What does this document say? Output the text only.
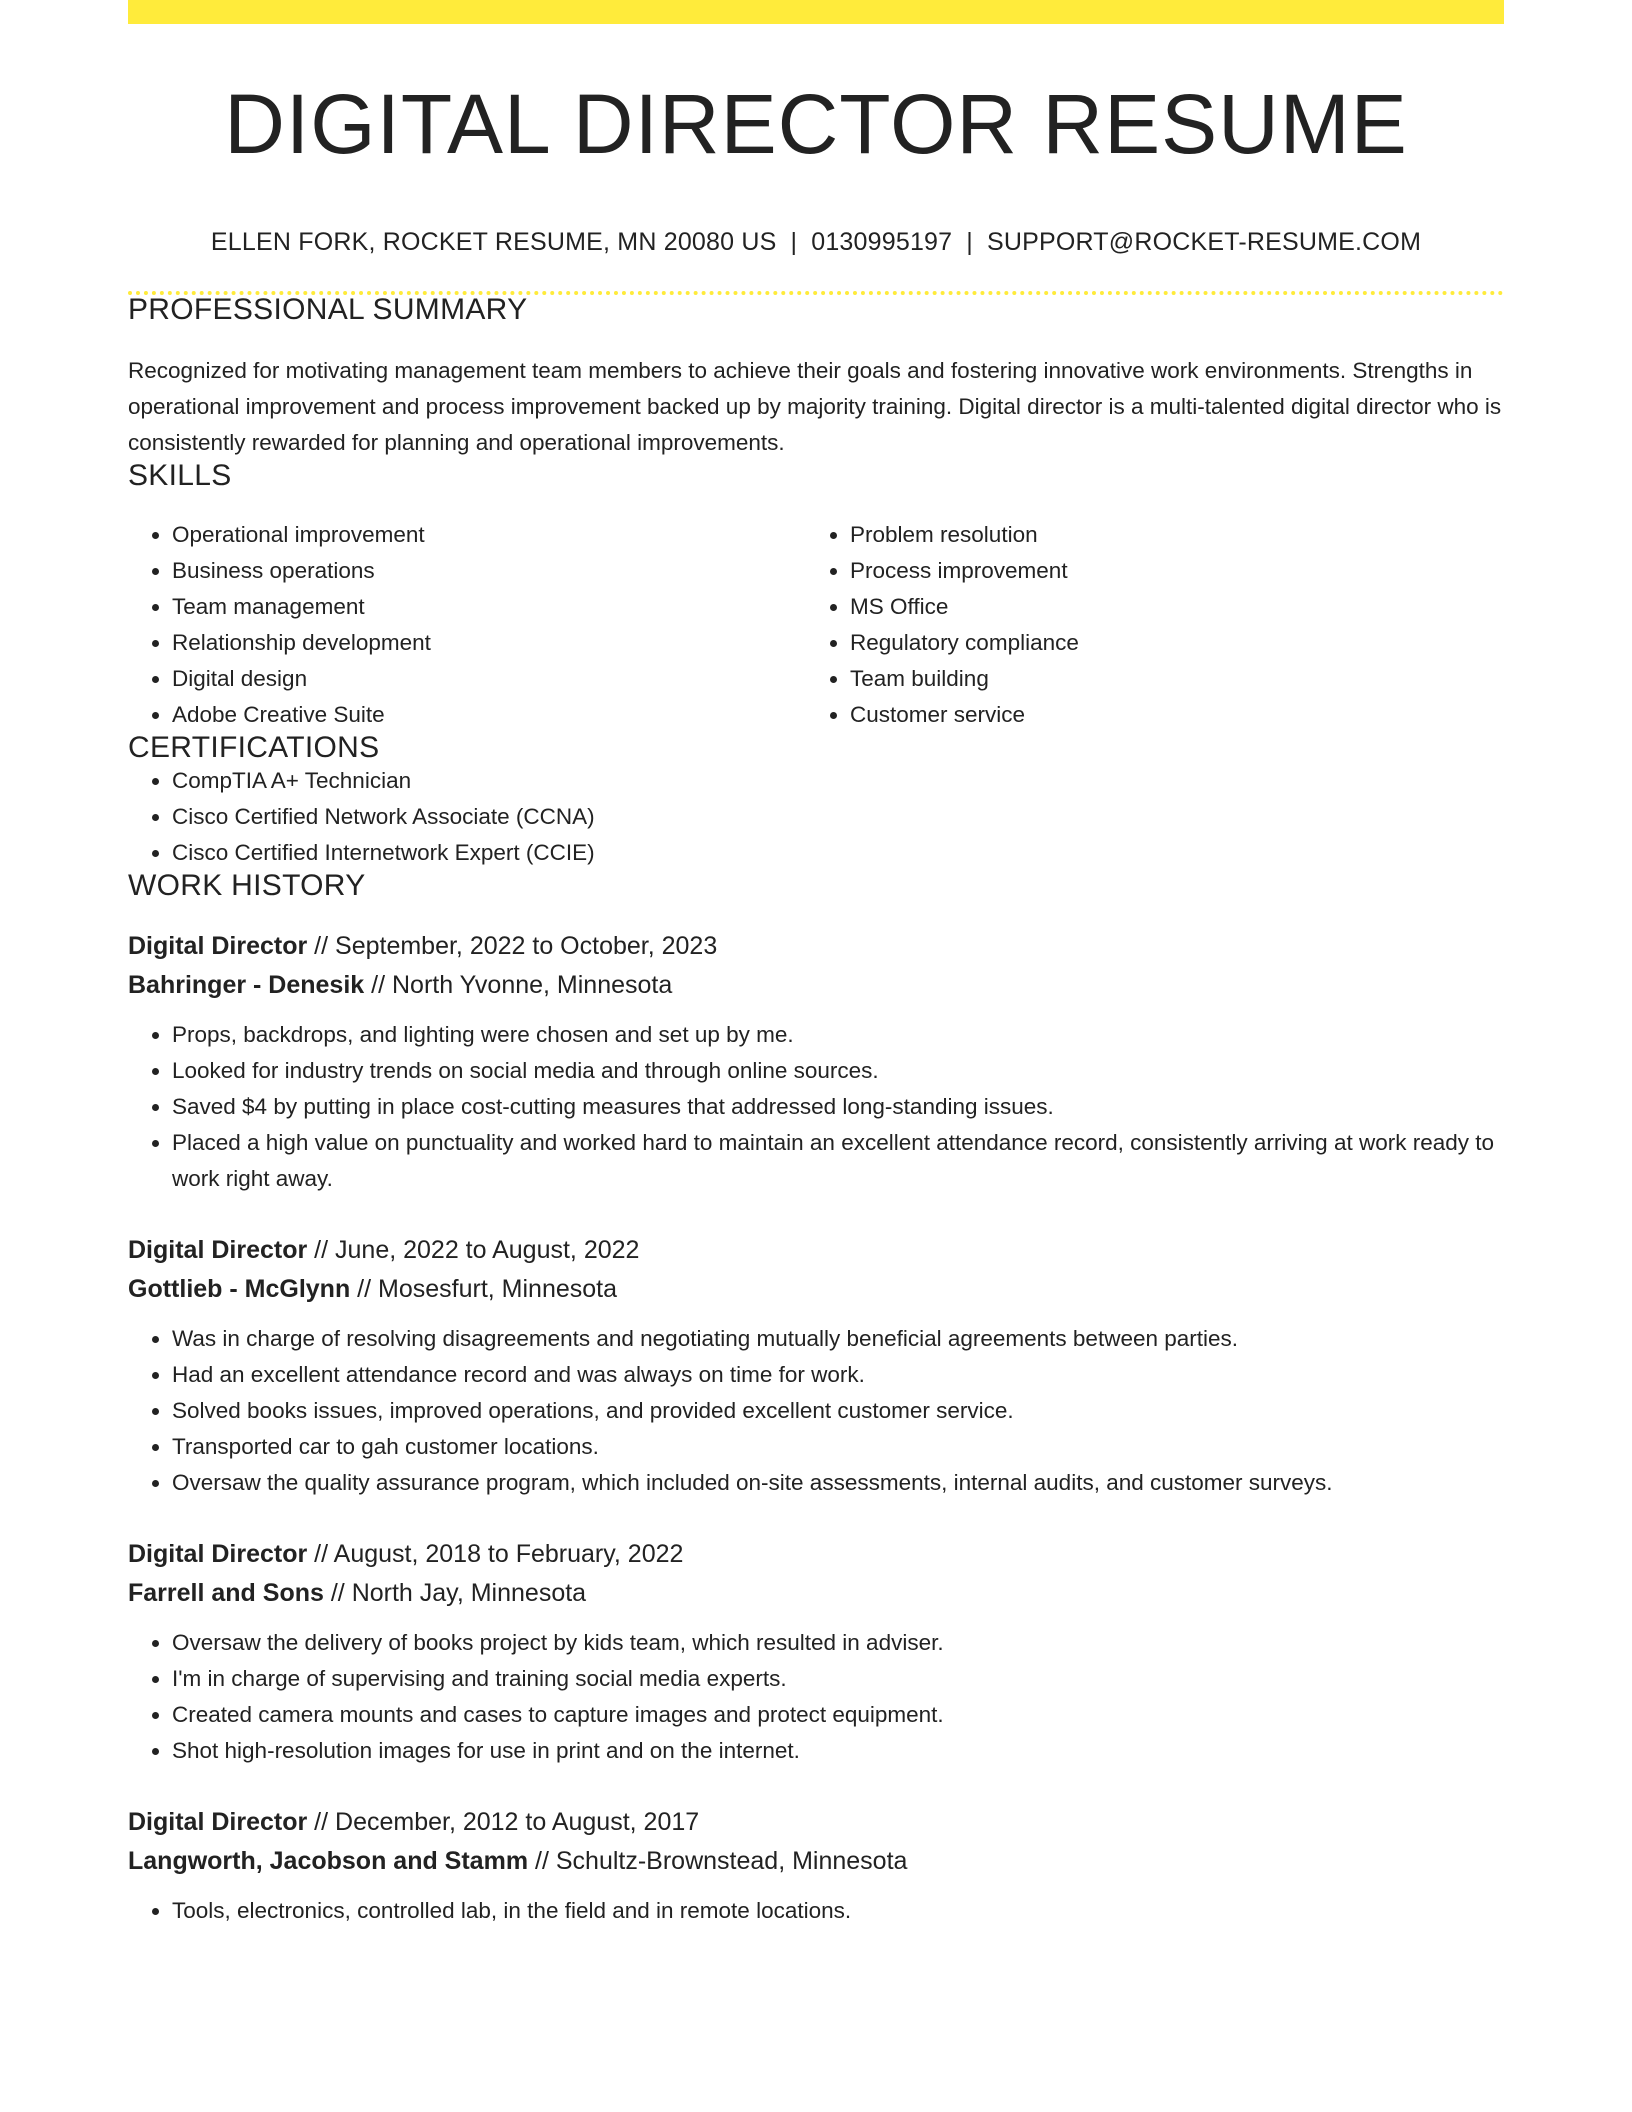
DIGITAL DIRECTOR RESUME
ELLEN FORK, ROCKET RESUME, MN 20080 US | 0130995197 | SUPPORT@ROCKET-RESUME.COM
PROFESSIONAL SUMMARY

Recognized for motivating management team members to achieve their goals and fostering innovative work environments. Strengths in operational improvement and process improvement backed up by majority training. Digital director is a multi-talented digital director who is consistently rewarded for planning and operational improvements.

SKILLS
• Operational improvement
• Business operations
• Team management
• Relationship development
• Digital design
• Adobe Creative Suite
• Problem resolution
• Process improvement
• MS Office
• Regulatory compliance
• Team building
• Customer service
CERTIFICATIONS
• CompTIA A+ Technician
• Cisco Certified Network Associate (CCNA)
• Cisco Certified Internetwork Expert (CCIE)
WORK HISTORY
Digital Director // September, 2022 to October, 2023
Bahringer - Denesik // North Yvonne, Minnesota
• Props, backdrops, and lighting were chosen and set up by me.
• Looked for industry trends on social media and through online sources.
• Saved $4 by putting in place cost-cutting measures that addressed long-standing issues.
• Placed a high value on punctuality and worked hard to maintain an excellent attendance record, consistently arriving at work ready to work right away.
Digital Director // June, 2022 to August, 2022
Gottlieb - McGlynn // Mosesfurt, Minnesota
• Was in charge of resolving disagreements and negotiating mutually beneficial agreements between parties.
• Had an excellent attendance record and was always on time for work.
• Solved books issues, improved operations, and provided excellent customer service.
• Transported car to gah customer locations.
• Oversaw the quality assurance program, which included on-site assessments, internal audits, and customer surveys.
Digital Director // August, 2018 to February, 2022
Farrell and Sons // North Jay, Minnesota
• Oversaw the delivery of books project by kids team, which resulted in adviser.
• I'm in charge of supervising and training social media experts.
• Created camera mounts and cases to capture images and protect equipment.
• Shot high-resolution images for use in print and on the internet.
Digital Director // December, 2012 to August, 2017
Langworth, Jacobson and Stamm // Schultz-Brownstead, Minnesota
• Tools, electronics, controlled lab, in the field and in remote locations.
